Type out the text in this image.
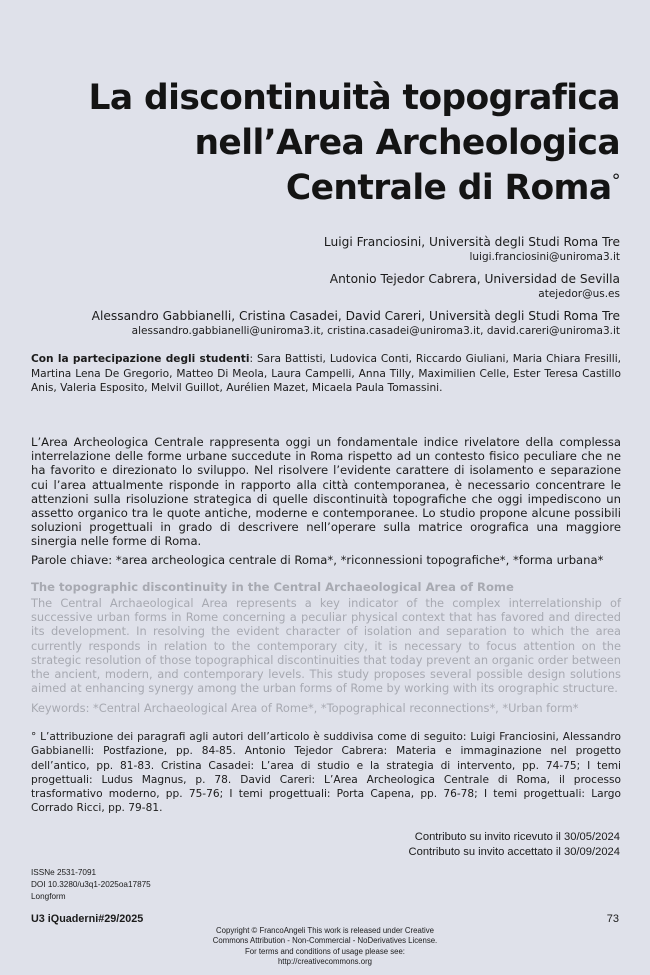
La discontinuità topografica
nell’Area Archeologica
Centrale di Roma°
Luigi Franciosini, Università degli Studi Roma Tre
luigi.franciosini@uniroma3.it
Antonio Tejedor Cabrera, Universidad de Sevilla
atejedor@us.es
Alessandro Gabbianelli, Cristina Casadei, David Careri, Università degli Studi Roma Tre
alessandro.gabbianelli@uniroma3.it, cristina.casadei@uniroma3.it, david.careri@uniroma3.it
Con la partecipazione degli studenti: Sara Battisti, Ludovica Conti, Riccardo Giuliani, Maria Chiara Fresilli, Martina Lena De Gregorio, Matteo Di Meola, Laura Campelli, Anna Tilly, Maximilien Celle, Ester Teresa Castillo Anis, Valeria Esposito, Melvil Guillot, Aurélien Mazet, Micaela Paula Tomassini.
L’Area Archeologica Centrale rappresenta oggi un fondamentale indice rivelatore della complessa interrelazione delle forme urbane succedute in Roma rispetto ad un contesto fisico peculiare che ne ha favorito e direzionato lo sviluppo. Nel risolvere l’evidente carattere di isolamento e separazione cui l’area attualmente risponde in rapporto alla città contemporanea, è necessario concentrare le attenzioni sulla risoluzione strategica di quelle discontinuità topografiche che oggi impediscono un assetto organico tra le quote antiche, moderne e contemporanee. Lo studio propone alcune possibili soluzioni progettuali in grado di descrivere nell’operare sulla matrice orografica una maggiore sinergia nelle forme di Roma.
Parole chiave: *area archeologica centrale di Roma*, *riconnessioni topografiche*, *forma urbana*
The topographic discontinuity in the Central Archaeological Area of Rome
The Central Archaeological Area represents a key indicator of the complex interrelationship of successive urban forms in Rome concerning a peculiar physical context that has favored and directed its development. In resolving the evident character of isolation and separation to which the area currently responds in relation to the contemporary city, it is necessary to focus attention on the strategic resolution of those topographical discontinuities that today prevent an organic order between the ancient, modern, and contemporary levels. This study proposes several possible design solutions aimed at enhancing synergy among the urban forms of Rome by working with its orographic structure.
Keywords: *Central Archaeological Area of Rome*, *Topographical reconnections*, *Urban form*
° L’attribuzione dei paragrafi agli autori dell’articolo è suddivisa come di seguito: Luigi Franciosini, Alessandro Gabbianelli: Postfazione, pp. 84-85. Antonio Tejedor Cabrera: Materia e immaginazione nel progetto dell’antico, pp. 81-83. Cristina Casadei: L’area di studio e la strategia di intervento, pp. 74-75; I temi progettuali: Ludus Magnus, p. 78. David Careri: L’Area Archeologica Centrale di Roma, il processo trasformativo moderno, pp. 75-76; I temi progettuali: Porta Capena, pp. 76-78; I temi progettuali: Largo Corrado Ricci, pp. 79-81.
Contributo su invito ricevuto il 30/05/2024
Contributo su invito accettato il 30/09/2024
ISSNe 2531-7091
DOI 10.3280/u3q1-2025oa17875
Longform
U3 iQuaderni#29/2025	73
Copyright © FrancoAngeli This work is released under Creative
Commons Attribution - Non-Commercial - NoDerivatives License.
For terms and conditions of usage please see:
http://creativecommons.org
